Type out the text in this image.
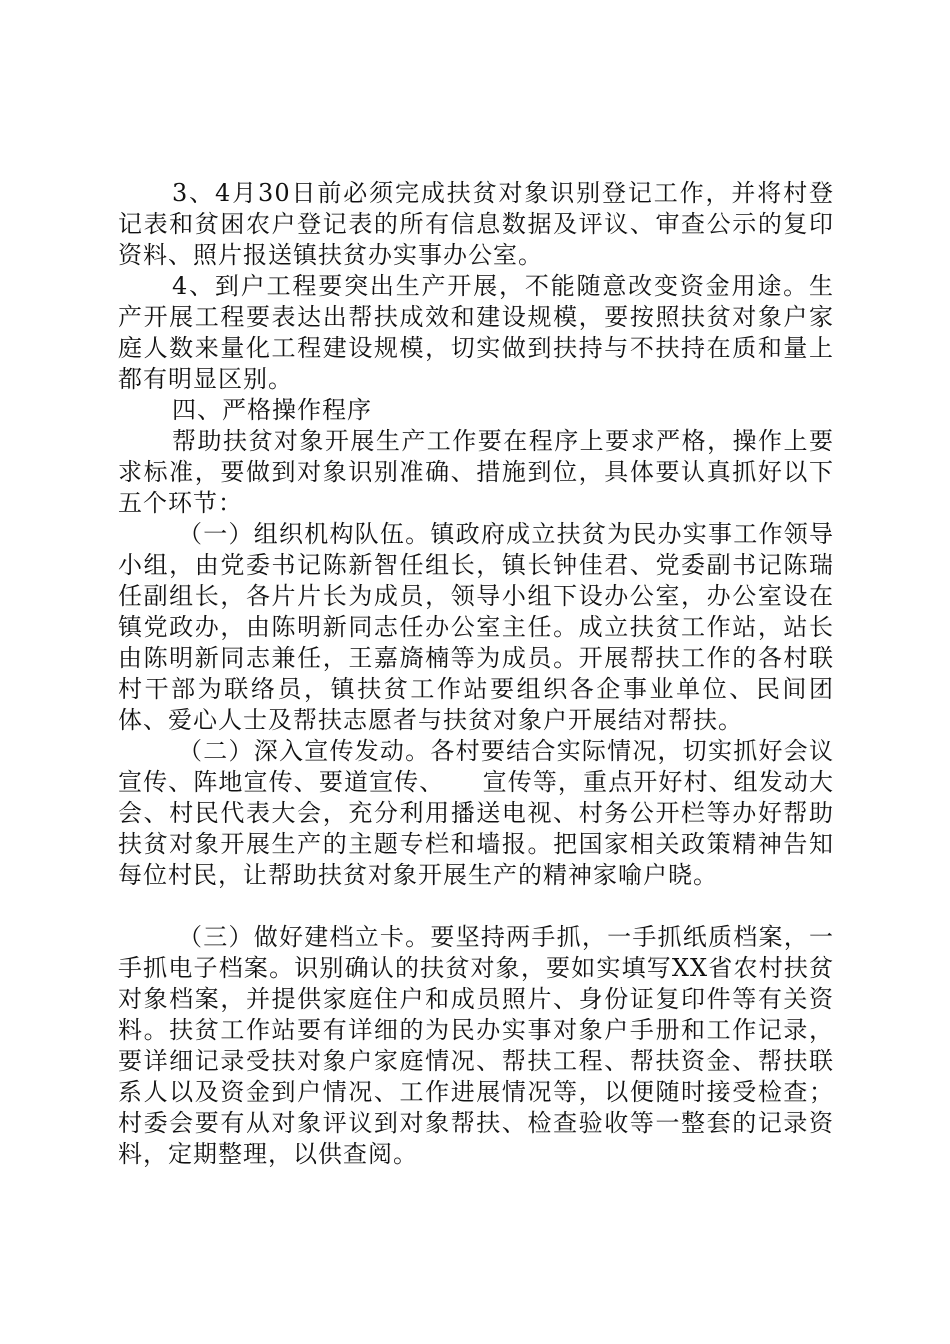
3、4月30日前必须完成扶贫对象识别登记工作，并将村登记表和贫困农户登记表的所有信息数据及评议、审查公示的复印资料、照片报送镇扶贫办实事办公室。

4、到户工程要突出生产开展，不能随意改变资金用途。生产开展工程要表达出帮扶成效和建设规模，要按照扶贫对象户家庭人数来量化工程建设规模，切实做到扶持与不扶持在质和量上都有明显区别。

四、严格操作程序

帮助扶贫对象开展生产工作要在程序上要求严格，操作上要求标准，要做到对象识别准确、措施到位，具体要认真抓好以下五个环节：

（一）组织机构队伍。镇政府成立扶贫为民办实事工作领导小组，由党委书记陈新智任组长，镇长钟佳君、党委副书记陈瑞任副组长，各片片长为成员，领导小组下设办公室，办公室设在镇党政办，由陈明新同志任办公室主任。成立扶贫工作站，站长由陈明新同志兼任，王嘉旖楠等为成员。开展帮扶工作的各村联村干部为联络员，镇扶贫工作站要组织各企事业单位、民间团体、爱心人士及帮扶志愿者与扶贫对象户开展结对帮扶。

（二）深入宣传发动。各村要结合实际情况，切实抓好会议宣传、阵地宣传、要道宣传、　　宣传等，重点开好村、组发动大会、村民代表大会，充分利用播送电视、村务公开栏等办好帮助扶贫对象开展生产的主题专栏和墙报。把国家相关政策精神告知每位村民，让帮助扶贫对象开展生产的精神家喻户晓。

（三）做好建档立卡。要坚持两手抓，一手抓纸质档案，一手抓电子档案。识别确认的扶贫对象，要如实填写XX省农村扶贫对象档案，并提供家庭住户和成员照片、身份证复印件等有关资料。扶贫工作站要有详细的为民办实事对象户手册和工作记录，要详细记录受扶对象户家庭情况、帮扶工程、帮扶资金、帮扶联系人以及资金到户情况、工作进展情况等，以便随时接受检查；村委会要有从对象评议到对象帮扶、检查验收等一整套的记录资料，定期整理，以供查阅。
